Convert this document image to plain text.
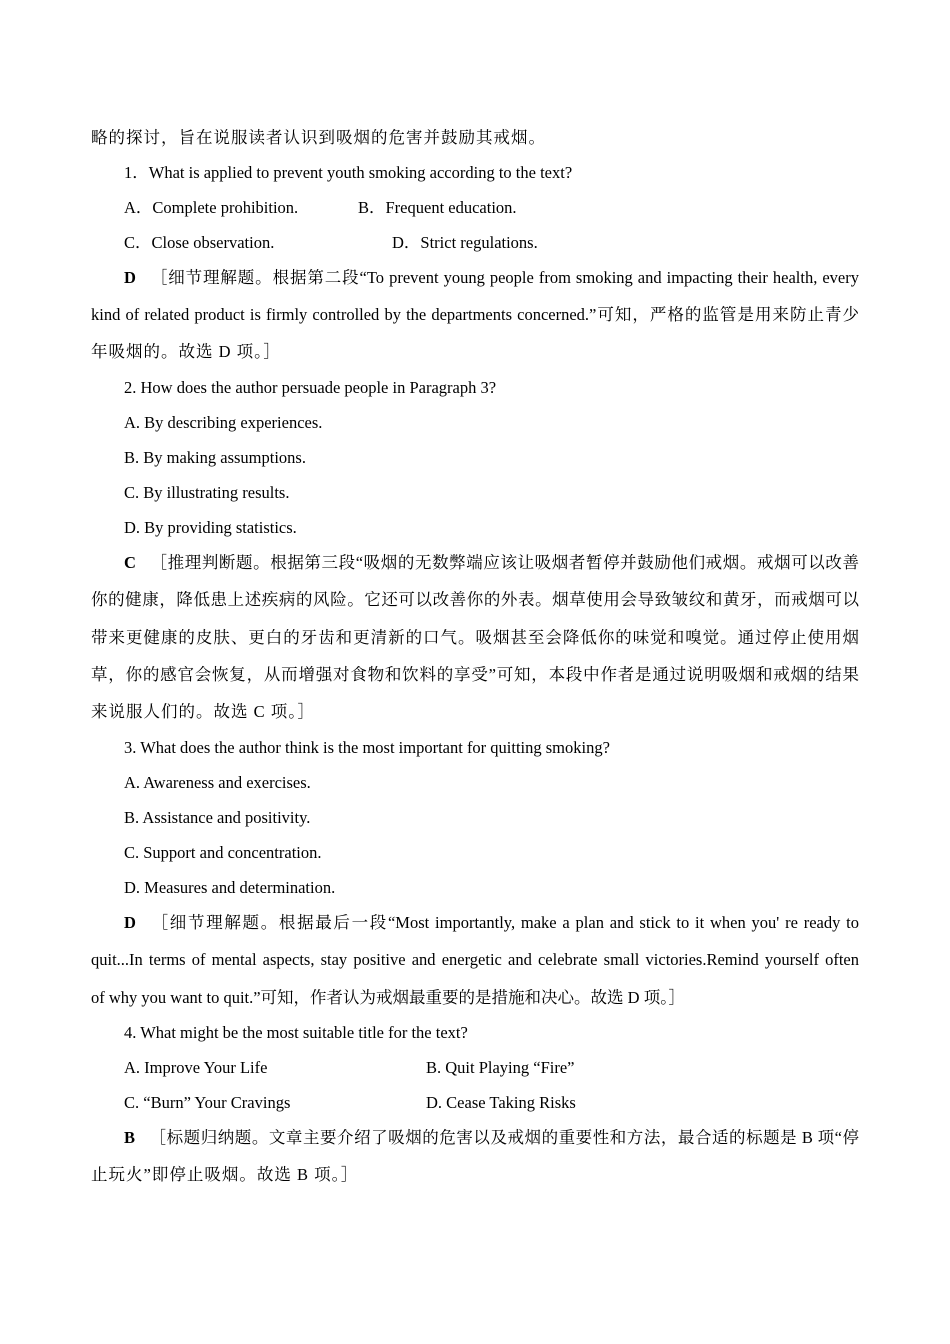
略的探讨，旨在说服读者认识到吸烟的危害并鼓励其戒烟。
1．What is applied to prevent youth smoking according to the text?
A．Complete prohibition.	B．Frequent education.
C．Close observation.	D．Strict regulations.
D ［细节理解题。根据第二段“To prevent young people from smoking and impacting their health, every
kind of related product is firmly controlled by the departments concerned.”可知，严格的监管是用来防止青少
年吸烟的。故选 D 项。］
2. How does the author persuade people in Paragraph 3?
A. By describing experiences.
B. By making assumptions.
C. By illustrating results.
D. By providing statistics.
C ［推理判断题。根据第三段“吸烟的无数弊端应该让吸烟者暂停并鼓励他们戒烟。戒烟可以改善
你的健康，降低患上述疾病的风险。它还可以改善你的外表。烟草使用会导致皱纹和黄牙，而戒烟可以
带来更健康的皮肤、更白的牙齿和更清新的口气。吸烟甚至会降低你的味觉和嗅觉。通过停止使用烟
草，你的感官会恢复，从而增强对食物和饮料的享受”可知，本段中作者是通过说明吸烟和戒烟的结果
来说服人们的。故选 C 项。］
3. What does the author think is the most important for quitting smoking?
A. Awareness and exercises.
B. Assistance and positivity.
C. Support and concentration.
D. Measures and determination.
D ［细节理解题。根据最后一段“Most importantly, make a plan and stick to it when you' re ready to
quit...In terms of mental aspects, stay positive and energetic and celebrate small victories.Remind yourself often
of why you want to quit.”可知，作者认为戒烟最重要的是措施和决心。故选 D 项。］
4. What might be the most suitable title for the text?
A. Improve Your Life	B. Quit Playing “Fire”
C. “Burn” Your Cravings	D. Cease Taking Risks
B ［标题归纳题。文章主要介绍了吸烟的危害以及戒烟的重要性和方法，最合适的标题是 B 项“停
止玩火”即停止吸烟。故选 B 项。］
